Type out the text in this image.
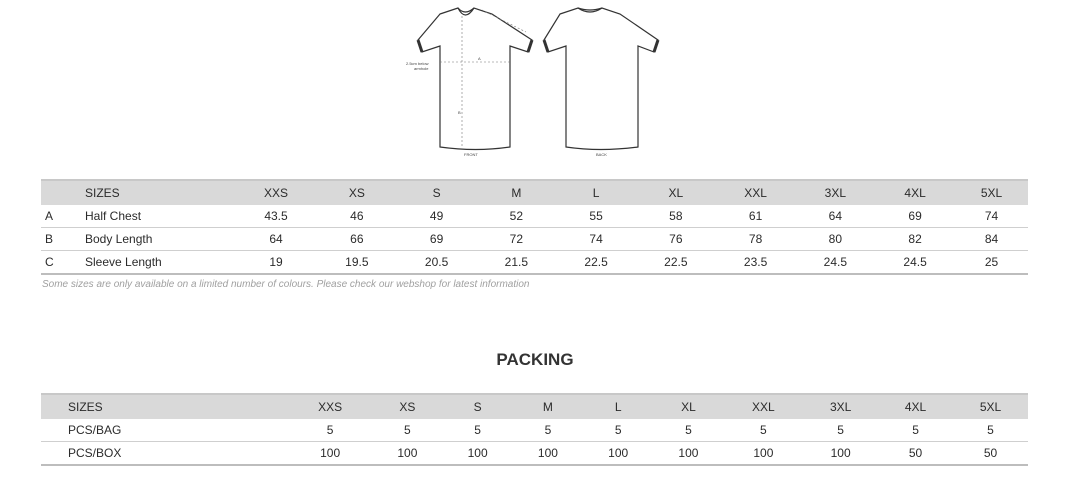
2.5cm below
armhole
A
B
FRONT	BACK
	SIZES	XXS	XS	S	M	L	XL	XXL	3XL	4XL	5XL
A	Half Chest	43.5	46	49	52	55	58	61	64	69	74
B	Body Length	64	66	69	72	74	76	78	80	82	84
C	Sleeve Length	19	19.5	20.5	21.5	22.5	22.5	23.5	24.5	24.5	25
Some sizes are only available on a limited number of colours. Please check our webshop for latest information
PACKING
SIZES	XXS	XS	S	M	L	XL	XXL	3XL	4XL	5XL
PCS/BAG	5	5	5	5	5	5	5	5	5	5
PCS/BOX	100	100	100	100	100	100	100	100	50	50
